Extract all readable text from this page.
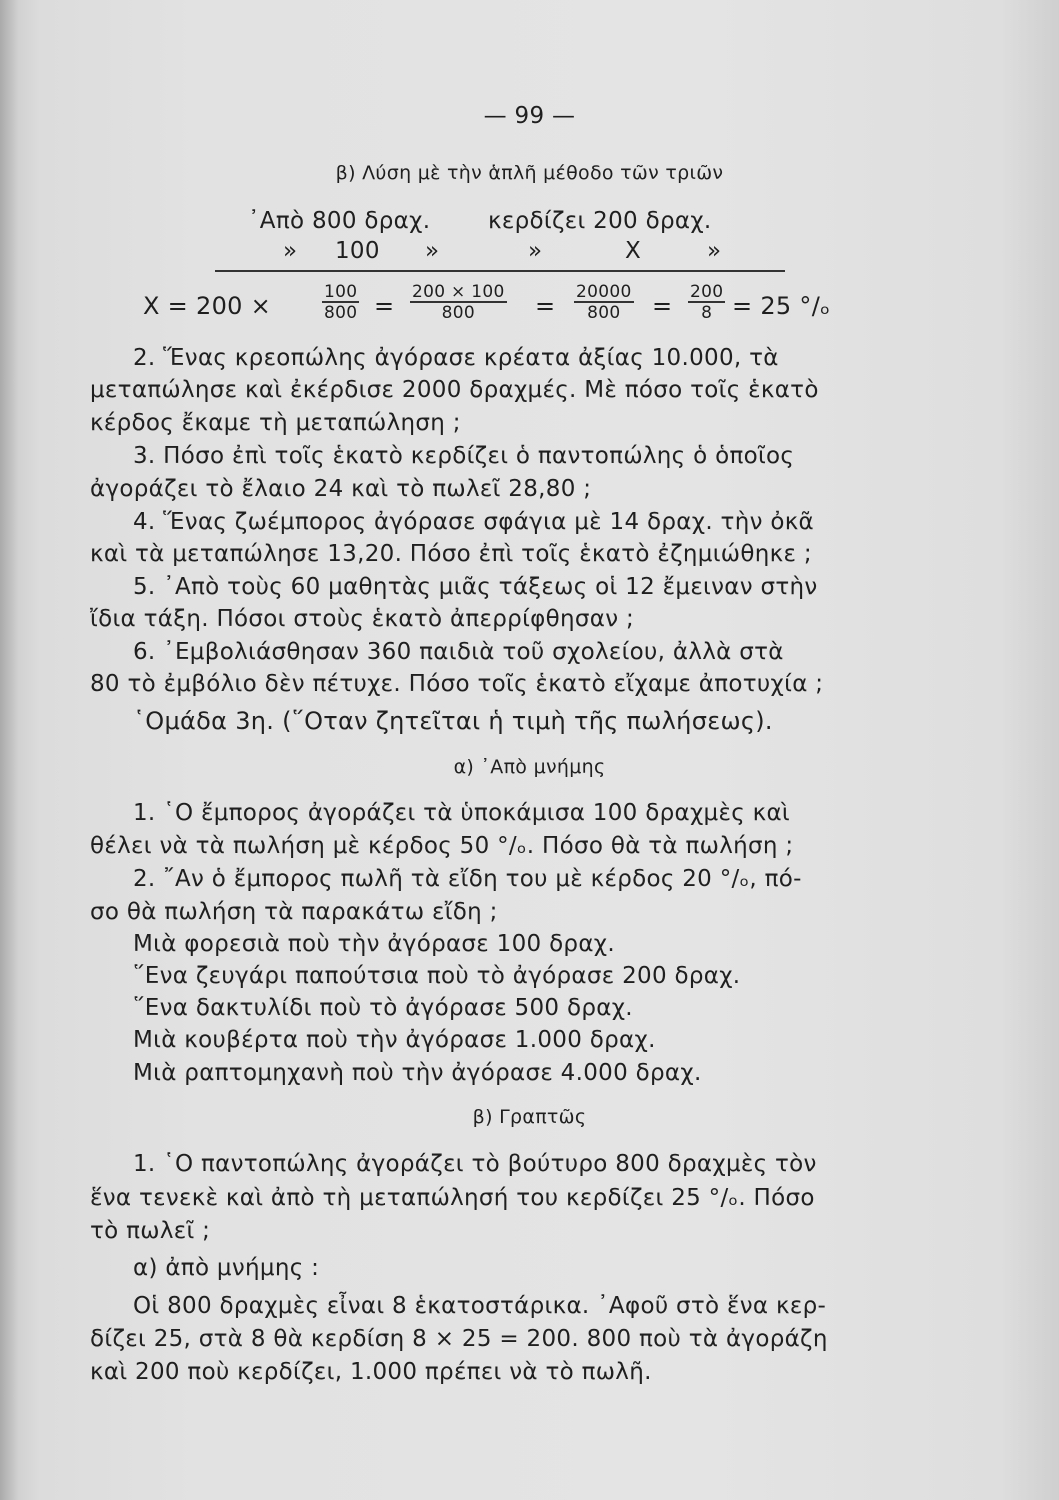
— 99 —
β) Λύση μὲ τὴν ἁπλῆ μέθοδο τῶν τριῶν
᾽Απὸ 800 δραχ.	κερδίζει 200 δραχ.
» 100 »	»	X	»
X = 200 ×	$\frac{100}{800} = \frac{200 \times 100}{800} = \frac{20000}{800} = \frac{200}{8} = 25$ °/ₒ
2. Ἕνας κρεοπώλης ἀγόρασε κρέατα ἀξίας 10.000, τὰ
μεταπώλησε καὶ ἐκέρδισε 2000 δραχμές. Μὲ πόσο τοῖς ἑκατὸ
κέρδος ἔκαμε τὴ μεταπώληση ;
3. Πόσο ἐπὶ τοῖς ἑκατὸ κερδίζει ὁ παντοπώλης ὁ ὁποῖος
ἀγοράζει τὸ ἔλαιο 24 καὶ τὸ πωλεῖ 28,80 ;
4. Ἕνας ζωέμπορος ἀγόρασε σφάγια μὲ 14 δραχ. τὴν ὀκᾶ
καὶ τὰ μεταπώλησε 13,20. Πόσο ἐπὶ τοῖς ἑκατὸ ἐζημιώθηκε ;
5. ᾽Απὸ τοὺς 60 μαθητὰς μιᾶς τάξεως οἱ 12 ἔμειναν στὴν
ἴδια τάξη. Πόσοι στοὺς ἑκατὸ ἀπερρίφθησαν ;
6. ᾽Εμβολιάσθησαν 360 παιδιὰ τοῦ σχολείου, ἀλλὰ στὰ
80 τὸ ἐμβόλιο δὲν πέτυχε. Πόσο τοῖς ἑκατὸ εἴχαμε ἀποτυχία ;
῾Ομάδα 3η. (῞Οταν ζητεῖται ἡ τιμὴ τῆς πωλήσεως).
α) ᾽Απὸ μνήμης
1. ῾Ο ἔμπορος ἀγοράζει τὰ ὑποκάμισα 100 δραχμὲς καὶ
θέλει νὰ τὰ πωλήση μὲ κέρδος 50 °/ₒ. Πόσο θὰ τὰ πωλήση ;
2. ῎Αν ὁ ἔμπορος πωλῆ τὰ εἴδη του μὲ κέρδος 20 °/ₒ, πό-
σο θὰ πωλήση τὰ παρακάτω εἴδη ;
Μιὰ φορεσιὰ ποὺ τὴν ἀγόρασε 100 δραχ.
῞Ενα ζευγάρι παπούτσια ποὺ τὸ ἀγόρασε 200 δραχ.
῞Ενα δακτυλίδι ποὺ τὸ ἀγόρασε 500 δραχ.
Μιὰ κουβέρτα ποὺ τὴν ἀγόρασε 1.000 δραχ.
Μιὰ ραπτομηχανὴ ποὺ τὴν ἀγόρασε 4.000 δραχ.
β) Γραπτῶς
1. ῾Ο παντοπώλης ἀγοράζει τὸ βούτυρο 800 δραχμὲς τὸν
ἕνα τενεκὲ καὶ ἀπὸ τὴ μεταπώλησή του κερδίζει 25 °/ₒ. Πόσο
τὸ πωλεῖ ;
α) ἀπὸ μνήμης :
Οἱ 800 δραχμὲς εἶναι 8 ἑκατοστάρικα. ᾽Αφοῦ στὸ ἕνα κερ-
δίζει 25, στὰ 8 θὰ κερδίση 8 × 25 = 200. 800 ποὺ τὰ ἀγοράζη
καὶ 200 ποὺ κερδίζει, 1.000 πρέπει νὰ τὸ πωλῆ.
